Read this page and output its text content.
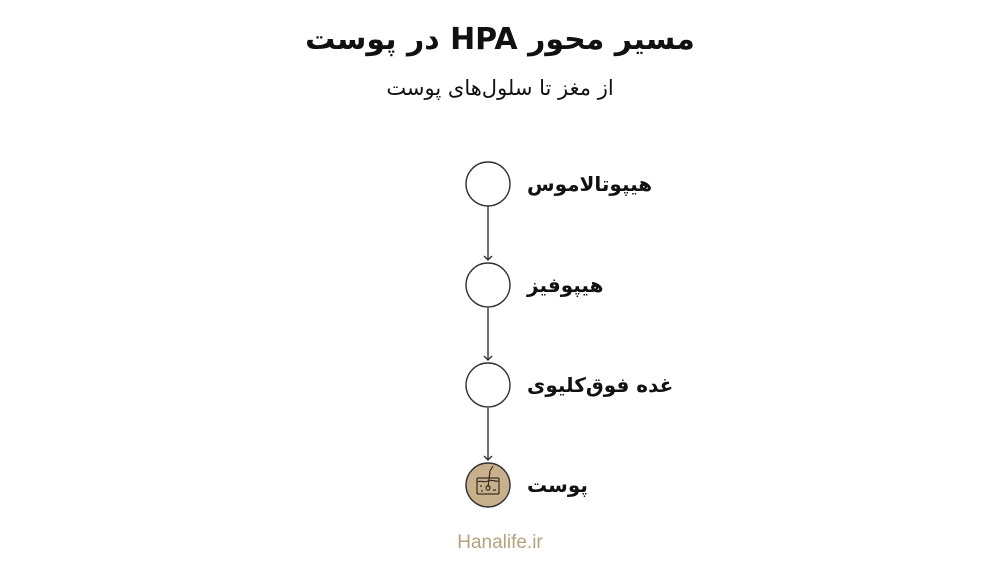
مسیر محور HPA در پوست
از مغز تا سلول‌های پوست
هیپوتالاموس
هیپوفیز
غده فوق‌کلیوی
پوست
Hanalife.ir
